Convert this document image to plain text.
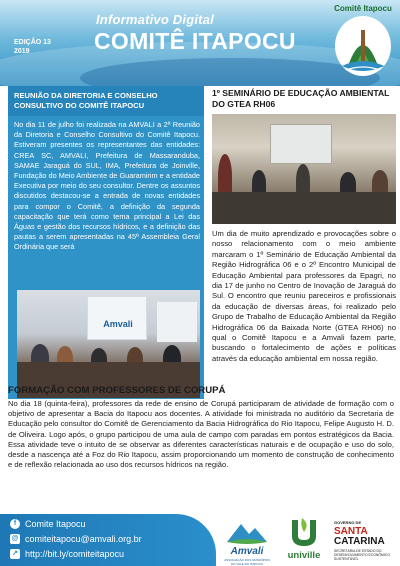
Informativo Digital
COMITÊ ITAPOCU
EDIÇÃO 13
2019
Comitê Itapocu
REUNIÃO DA DIRETORIA E CONSELHO CONSULTIVO DO COMITÊ ITAPOCU
No dia 11 de julho foi realizada na AMVALI a 2ª Reunião da Diretoria e Conselho Consultivo do Comitê Itapocu. Estiveram presentes os representantes das entidades: CREA SC, AMVALI, Prefeitura de Massaranduba, SAMAE Jaraguá do SUL, IMA, Prefeitura de Joinville, Fundação do Meio Ambiente de Guaramirim e a entidade Executiva por meio do seu consultor. Dentre os assuntos discutidos destacou-se a entrada de novas entidades para compor o Comitê, a definição da segunda capacitação que terá como tema principal a Lei das Águas e gestão dos recursos hídricos, e a definição das pautas a serem apresentadas na 45ª Assembleia Geral Ordinária que será
Amvali
1º SEMINÁRIO DE EDUCAÇÃO AMBIENTAL DO GTEA RH06
Um dia de muito aprendizado e provocações sobre o nosso relacionamento com o meio ambiente marcaram o 1º Seminário de Educação Ambiental da Região Hidrográfica 06 e o 2º Encontro Municipal de Educação Ambiental para professores da Epagri, no dia 17 de junho no Centro de Inovação de Jaraguá do Sul. O encontro que reuniu pareceiros e profissionais da educação de diversas áreas, foi realizado pelo Grupo de Trabalho de Educação Ambiental da Região Hidrográfica 06 da Baixada Norte (GTEA RH06) no qual o Comitê Itapocu e a Amvali fazem parte, buscando o fortalecimento de ações e políticas através da educação ambiental em nossa região.
FORMAÇÃO COM PROFESSORES DE CORUPÁ
No dia 18 (quinta-feira), professores da rede de ensino de Corupá participaram de atividade de formação com o objetivo de apresentar a Bacia do Itapocu aos docentes. A atividade foi ministrada no auditório da Secretaria de Educação pelo consultor do Comitê de Gerenciamento da Bacia Hidrográfica do Rio Itapocu, Felipe Augusto H. D. de Oliveira. Logo após, o grupo participou de uma aula de campo com paradas em pontos estratégicos da Bacia. Essa atividade teve o intuito de se observar as diferentes características naturais e de ocupação e uso do solo, desde a nascença até a Foz do Rio Itapocu, assim proporcionando um momento de construção de conhecimento e de reflexão relacionada ao uso dos recursos hídricos na região.
f Comite Itapocu
@ comiteitapocu@amvali.org.br
↗ http://bit.ly/comiteitapocu	Amvali
ASSOCIAÇÃO DOS MUNICÍPIOS DO VALE DO ITAPOCU
univille
GOVERNO DE
SANTA
CATARINA
SECRETARIA DE ESTADO DO DESENVOLVIMENTO ECONÔMICO SUSTENTÁVEL
